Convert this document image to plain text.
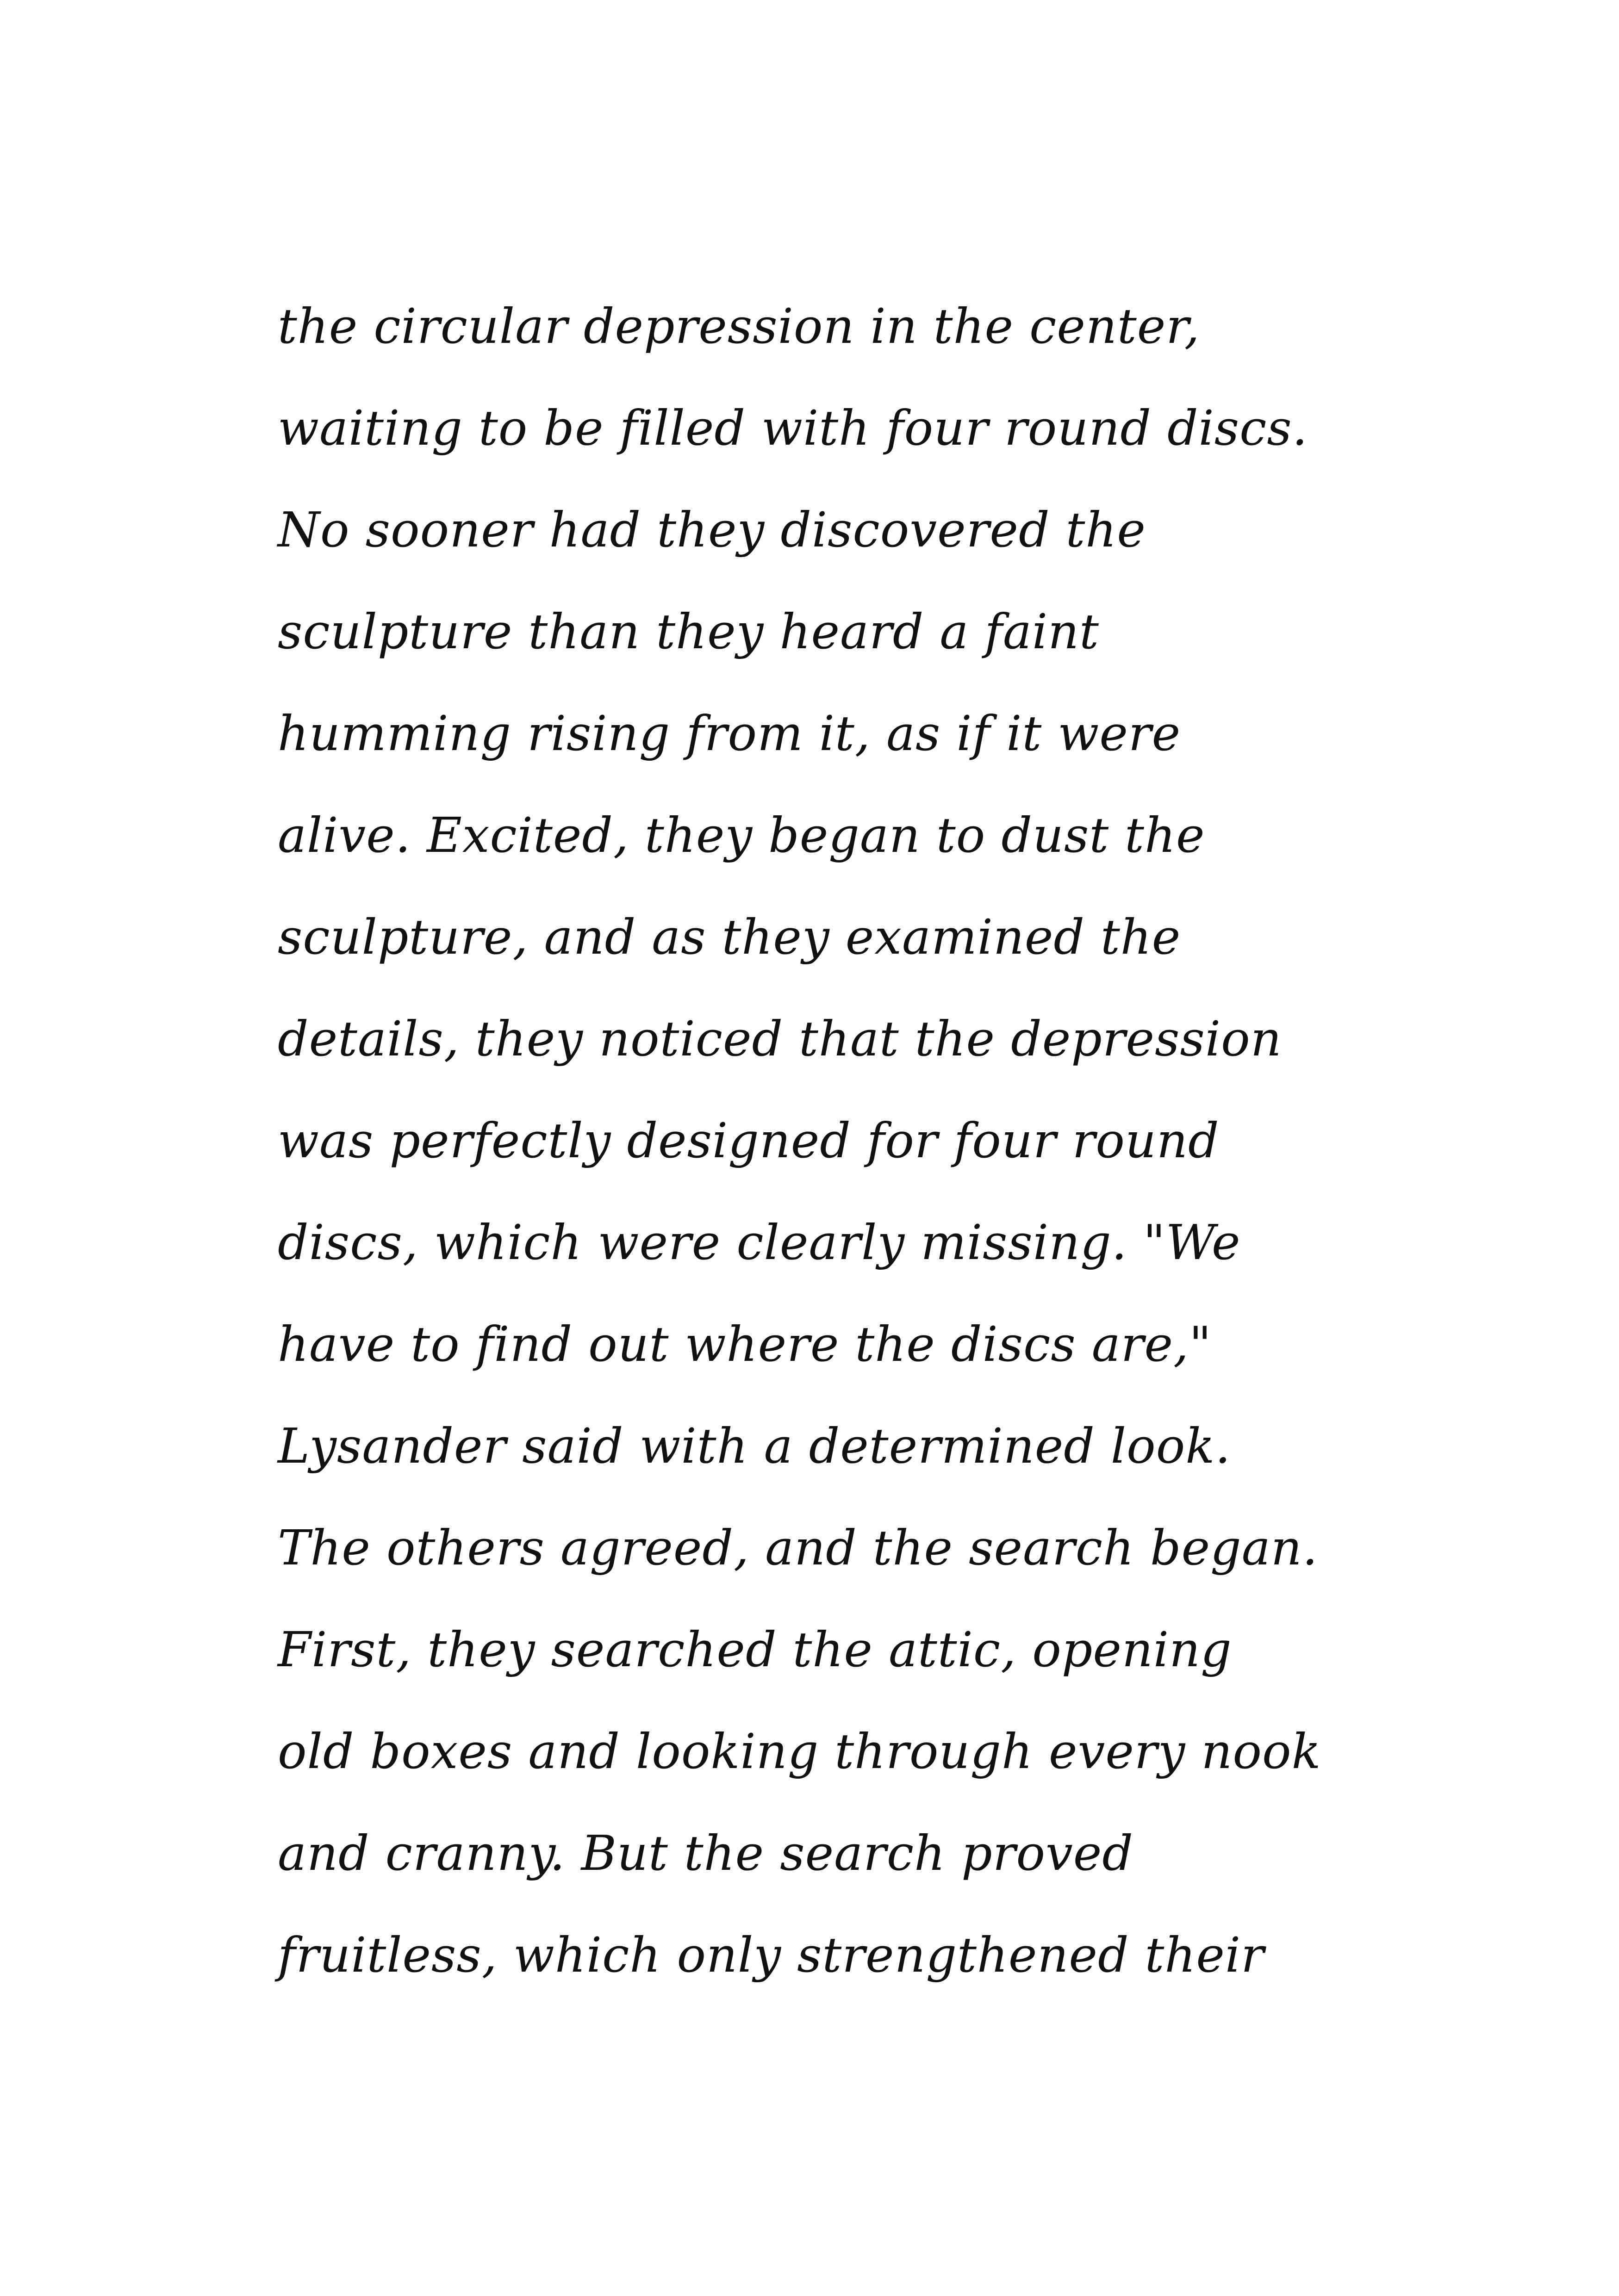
the circular depression in the center,
waiting to be filled with four round discs.
No sooner had they discovered the
sculpture than they heard a faint
humming rising from it, as if it were
alive. Excited, they began to dust the
sculpture, and as they examined the
details, they noticed that the depression
was perfectly designed for four round
discs, which were clearly missing. "We
have to find out where the discs are,"
Lysander said with a determined look.
The others agreed, and the search began.
First, they searched the attic, opening
old boxes and looking through every nook
and cranny. But the search proved
fruitless, which only strengthened their
